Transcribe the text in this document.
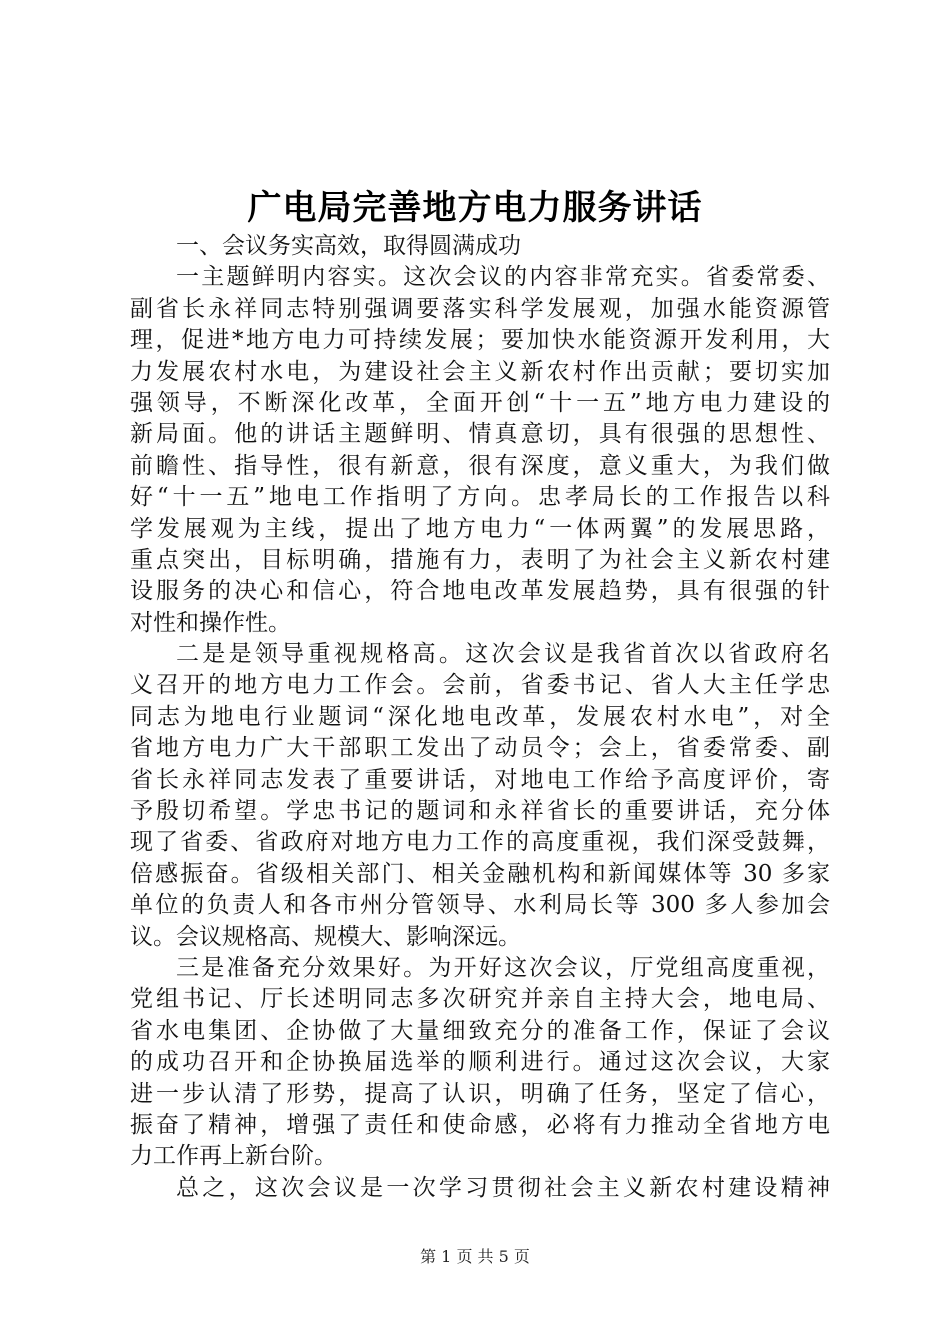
广电局完善地方电力服务讲话
一、会议务实高效，取得圆满成功
一主题鲜明内容实。这次会议的内容非常充实。省委常委、
副省长永祥同志特别强调要落实科学发展观，加强水能资源管
理，促进*地方电力可持续发展；要加快水能资源开发利用，大
力发展农村水电，为建设社会主义新农村作出贡献；要切实加
强领导，不断深化改革，全面开创“十一五”地方电力建设的
新局面。他的讲话主题鲜明、情真意切，具有很强的思想性、
前瞻性、指导性，很有新意，很有深度，意义重大，为我们做
好“十一五”地电工作指明了方向。忠孝局长的工作报告以科
学发展观为主线，提出了地方电力“一体两翼”的发展思路，
重点突出，目标明确，措施有力，表明了为社会主义新农村建
设服务的决心和信心，符合地电改革发展趋势，具有很强的针
对性和操作性。
二是是领导重视规格高。这次会议是我省首次以省政府名
义召开的地方电力工作会。会前，省委书记、省人大主任学忠
同志为地电行业题词“深化地电改革，发展农村水电”，对全
省地方电力广大干部职工发出了动员令；会上，省委常委、副
省长永祥同志发表了重要讲话，对地电工作给予高度评价，寄
予殷切希望。学忠书记的题词和永祥省长的重要讲话，充分体
现了省委、省政府对地方电力工作的高度重视，我们深受鼓舞，
倍感振奋。省级相关部门、相关金融机构和新闻媒体等 30 多家
单位的负责人和各市州分管领导、水利局长等 300 多人参加会
议。会议规格高、规模大、影响深远。
三是准备充分效果好。为开好这次会议，厅党组高度重视，
党组书记、厅长述明同志多次研究并亲自主持大会，地电局、
省水电集团、企协做了大量细致充分的准备工作，保证了会议
的成功召开和企协换届选举的顺利进行。通过这次会议，大家
进一步认清了形势，提高了认识，明确了任务，坚定了信心，
振奋了精神，增强了责任和使命感，必将有力推动全省地方电
力工作再上新台阶。
总之，这次会议是一次学习贯彻社会主义新农村建设精神
第 1 页 共 5 页
